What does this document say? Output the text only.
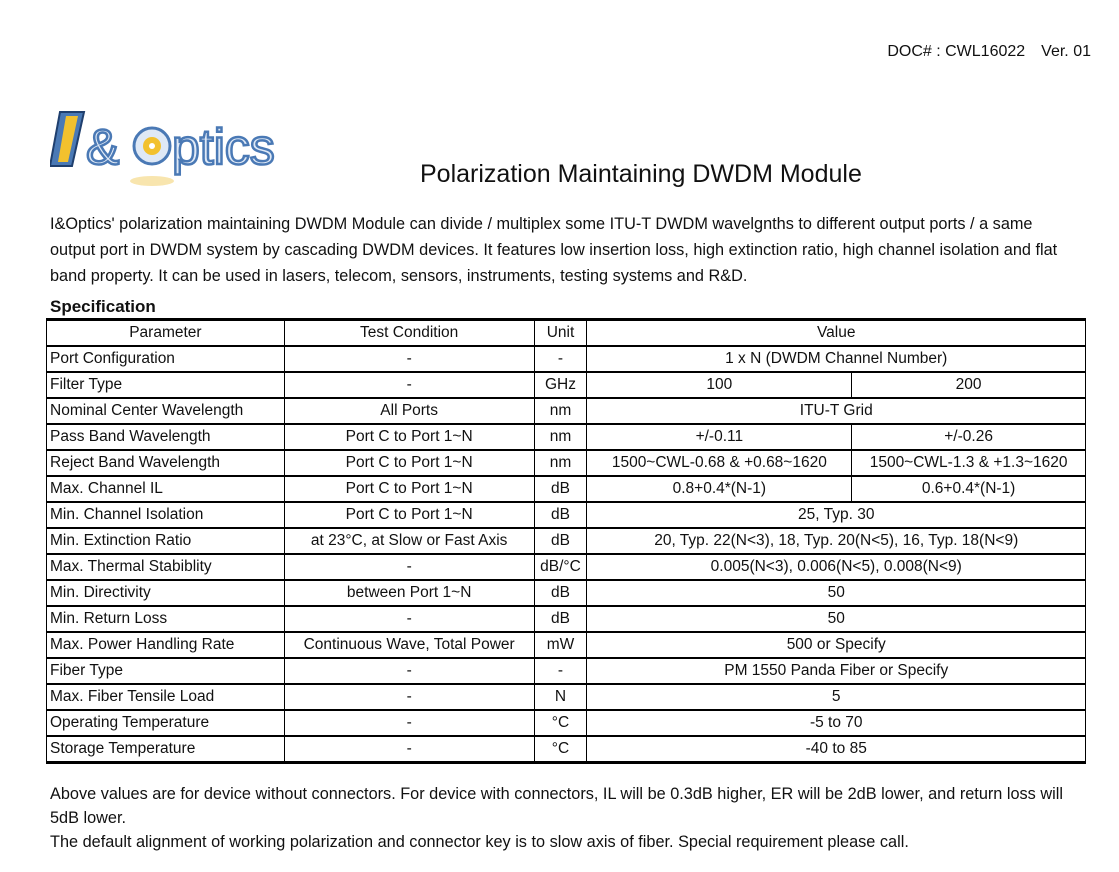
DOC# : CWL16022 Ver. 01
& ptics	Polarization Maintaining DWDM Module
I&Optics' polarization maintaining DWDM Module can divide / multiplex some ITU-T DWDM wavelgnths to different output ports / a same output port in DWDM system by cascading DWDM devices. It features low insertion loss, high extinction ratio, high channel isolation and flat band property. It can be used in lasers, telecom, sensors, instruments, testing systems and R&D.
Specification
Parameter	Test Condition	Unit	Value	
Port Configuration	-	-	1 x N (DWDM Channel Number)	
Filter Type	-	GHz	100	200
Nominal Center Wavelength	All Ports	nm	ITU-T Grid	
Pass Band Wavelength	Port C to Port 1~N	nm	+/-0.11	+/-0.26
Reject Band Wavelength	Port C to Port 1~N	nm	1500~CWL-0.68 & +0.68~1620	1500~CWL-1.3 & +1.3~1620
Max. Channel IL	Port C to Port 1~N	dB	0.8+0.4*(N-1)	0.6+0.4*(N-1)
Min. Channel Isolation	Port C to Port 1~N	dB	25, Typ. 30	
Min. Extinction Ratio	at 23°C, at Slow or Fast Axis	dB	20, Typ. 22(N<3), 18, Typ. 20(N<5), 16, Typ. 18(N<9)	
Max. Thermal Stabiblity	-	dB/°C	0.005(N<3), 0.006(N<5), 0.008(N<9)	
Min. Directivity	between Port 1~N	dB	50	
Min. Return Loss	-	dB	50	
Max. Power Handling Rate	Continuous Wave, Total Power	mW	500 or Specify	
Fiber Type	-	-	PM 1550 Panda Fiber or Specify	
Max. Fiber Tensile Load	-	N	5	
Operating Temperature	-	°C	-5 to 70	
Storage Temperature	-	°C	-40 to 85	
Above values are for device without connectors. For device with connectors, IL will be 0.3dB higher, ER will be 2dB lower, and return loss will 5dB lower.
The default alignment of working polarization and connector key is to slow axis of fiber. Special requirement please call.
